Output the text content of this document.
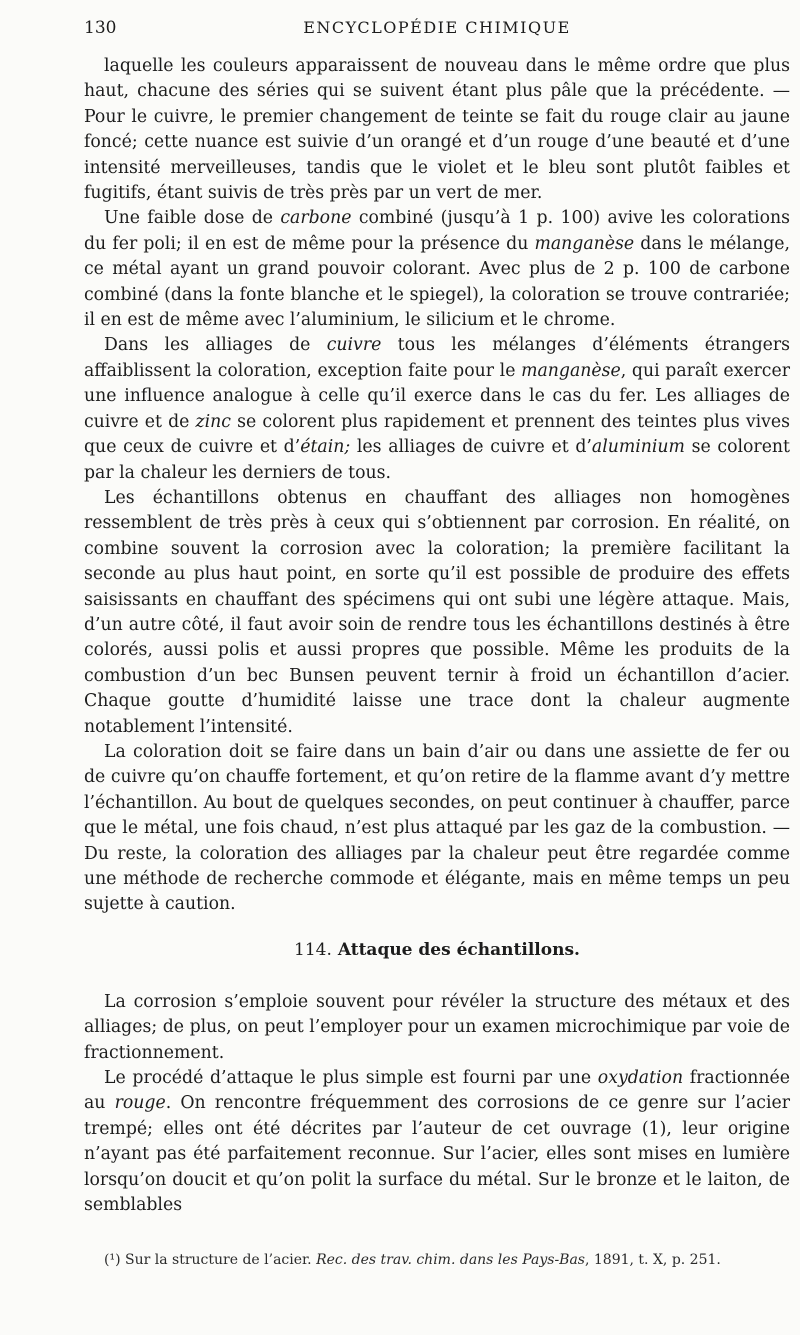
130	ENCYCLOPÉDIE CHIMIQUE

laquelle les couleurs apparaissent de nouveau dans le même ordre que plus haut, chacune des séries qui se suivent étant plus pâle que la précédente. — Pour le cuivre, le premier changement de teinte se fait du rouge clair au jaune foncé; cette nuance est suivie d’un orangé et d’un rouge d’une beauté et d’une intensité merveilleuses, tandis que le violet et le bleu sont plutôt faibles et fugitifs, étant suivis de très près par un vert de mer.

Une faible dose de carbone combiné (jusqu’à 1 p. 100) avive les colorations du fer poli; il en est de même pour la présence du manganèse dans le mélange, ce métal ayant un grand pouvoir colorant. Avec plus de 2 p. 100 de carbone combiné (dans la fonte blanche et le spiegel), la coloration se trouve contrariée; il en est de même avec l’aluminium, le silicium et le chrome.

Dans les alliages de cuivre tous les mélanges d’éléments étrangers affaiblissent la coloration, exception faite pour le manganèse, qui paraît exercer une influence analogue à celle qu’il exerce dans le cas du fer. Les alliages de cuivre et de zinc se colorent plus rapidement et prennent des teintes plus vives que ceux de cuivre et d’étain; les alliages de cuivre et d’aluminium se colorent par la chaleur les derniers de tous.

Les échantillons obtenus en chauffant des alliages non homogènes ressemblent de très près à ceux qui s’obtiennent par corrosion. En réalité, on combine souvent la corrosion avec la coloration; la première facilitant la seconde au plus haut point, en sorte qu’il est possible de produire des effets saisissants en chauffant des spécimens qui ont subi une légère attaque. Mais, d’un autre côté, il faut avoir soin de rendre tous les échantillons destinés à être colorés, aussi polis et aussi propres que possible. Même les produits de la combustion d’un bec Bunsen peuvent ternir à froid un échantillon d’acier. Chaque goutte d’humidité laisse une trace dont la chaleur augmente notablement l’intensité.

La coloration doit se faire dans un bain d’air ou dans une assiette de fer ou de cuivre qu’on chauffe fortement, et qu’on retire de la flamme avant d’y mettre l’échantillon. Au bout de quelques secondes, on peut continuer à chauffer, parce que le métal, une fois chaud, n’est plus attaqué par les gaz de la combustion. — Du reste, la coloration des alliages par la chaleur peut être regardée comme une méthode de recherche commode et élégante, mais en même temps un peu sujette à caution.

114. Attaque des échantillons.

La corrosion s’emploie souvent pour révéler la structure des métaux et des alliages; de plus, on peut l’employer pour un examen microchimique par voie de fractionnement.

Le procédé d’attaque le plus simple est fourni par une oxydation fractionnée au rouge. On rencontre fréquemment des corrosions de ce genre sur l’acier trempé; elles ont été décrites par l’auteur de cet ouvrage (1), leur origine n’ayant pas été parfaitement reconnue. Sur l’acier, elles sont mises en lumière lorsqu’on doucit et qu’on polit la surface du métal. Sur le bronze et le laiton, de semblables

(¹) Sur la structure de l’acier. Rec. des trav. chim. dans les Pays-Bas, 1891, t. X, p. 251.
